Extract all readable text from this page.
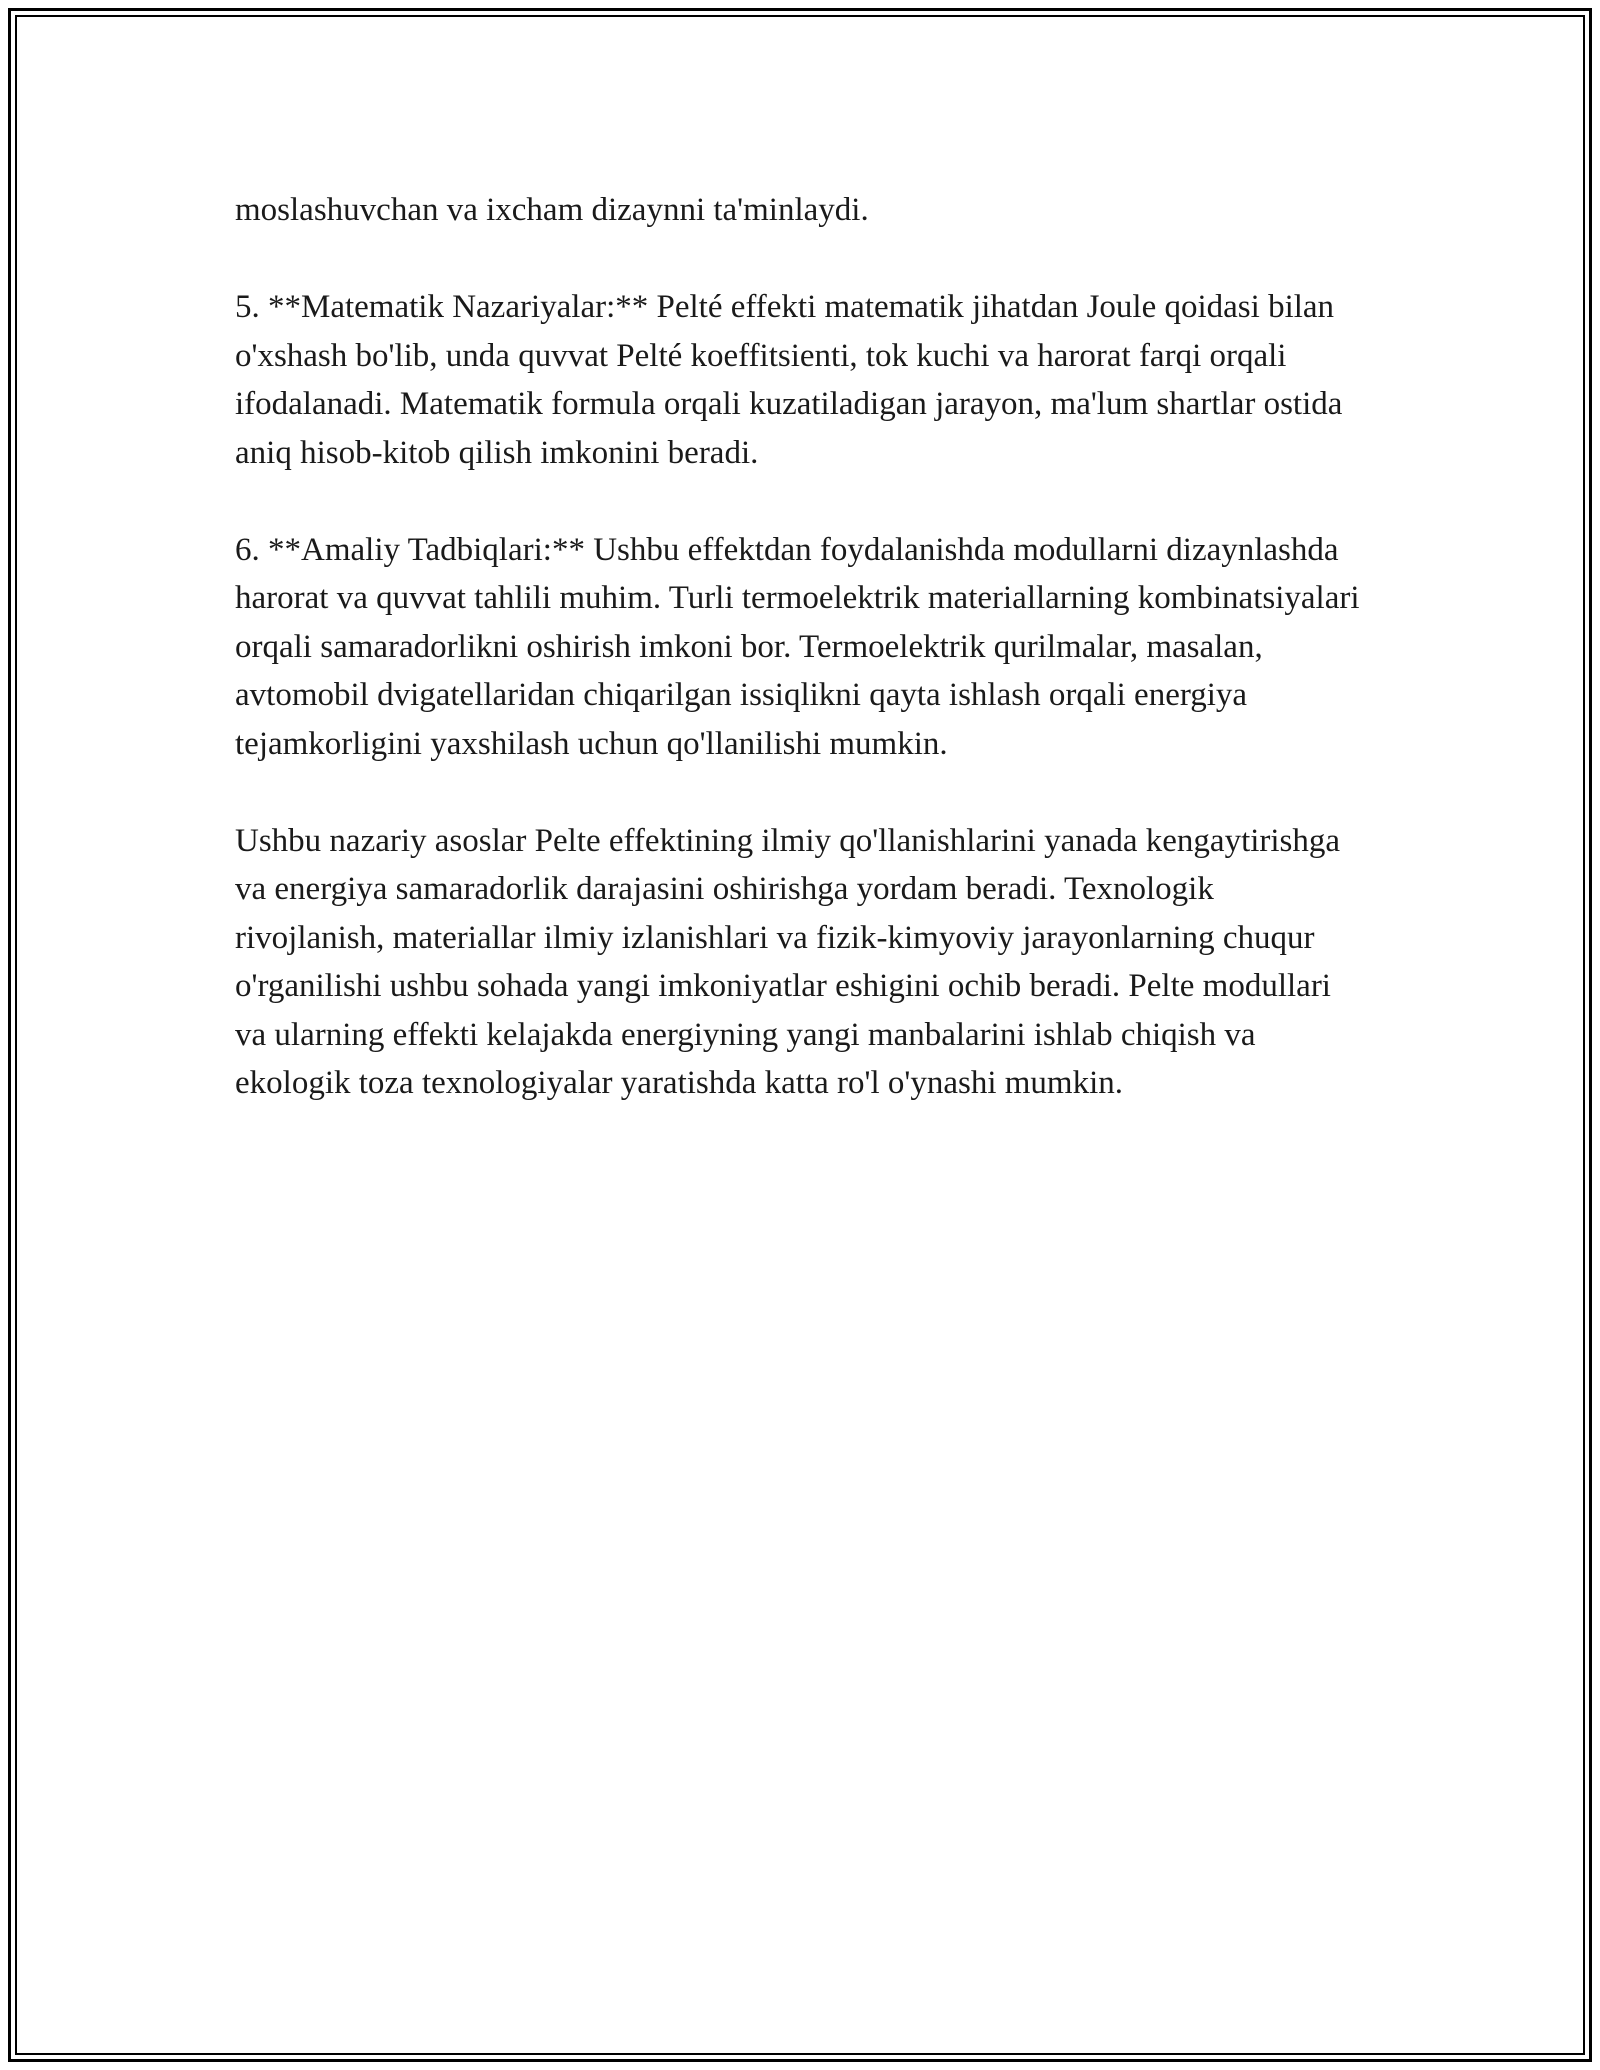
moslashuvchan va ixcham dizaynni ta'minlaydi.

5. **Matematik Nazariyalar:** Pelté effekti matematik jihatdan Joule qoidasi bilan o'xshash bo'lib, unda quvvat Pelté koeffitsienti, tok kuchi va harorat farqi orqali ifodalanadi. Matematik formula orqali kuzatiladigan jarayon, ma'lum shartlar ostida aniq hisob-kitob qilish imkonini beradi.

6. **Amaliy Tadbiqlari:** Ushbu effektdan foydalanishda modullarni dizaynlashda harorat va quvvat tahlili muhim. Turli termoelektrik materiallarning kombinatsiyalari orqali samaradorlikni oshirish imkoni bor. Termoelektrik qurilmalar, masalan, avtomobil dvigatellaridan chiqarilgan issiqlikni qayta ishlash orqali energiya tejamkorligini yaxshilash uchun qo'llanilishi mumkin.

Ushbu nazariy asoslar Pelte effektining ilmiy qo'llanishlarini yanada kengaytirishga va energiya samaradorlik darajasini oshirishga yordam beradi. Texnologik rivojlanish, materiallar ilmiy izlanishlari va fizik-kimyoviy jarayonlarning chuqur o'rganilishi ushbu sohada yangi imkoniyatlar eshigini ochib beradi. Pelte modullari va ularning effekti kelajakda energiyning yangi manbalarini ishlab chiqish va ekologik toza texnologiyalar yaratishda katta ro'l o'ynashi mumkin.
